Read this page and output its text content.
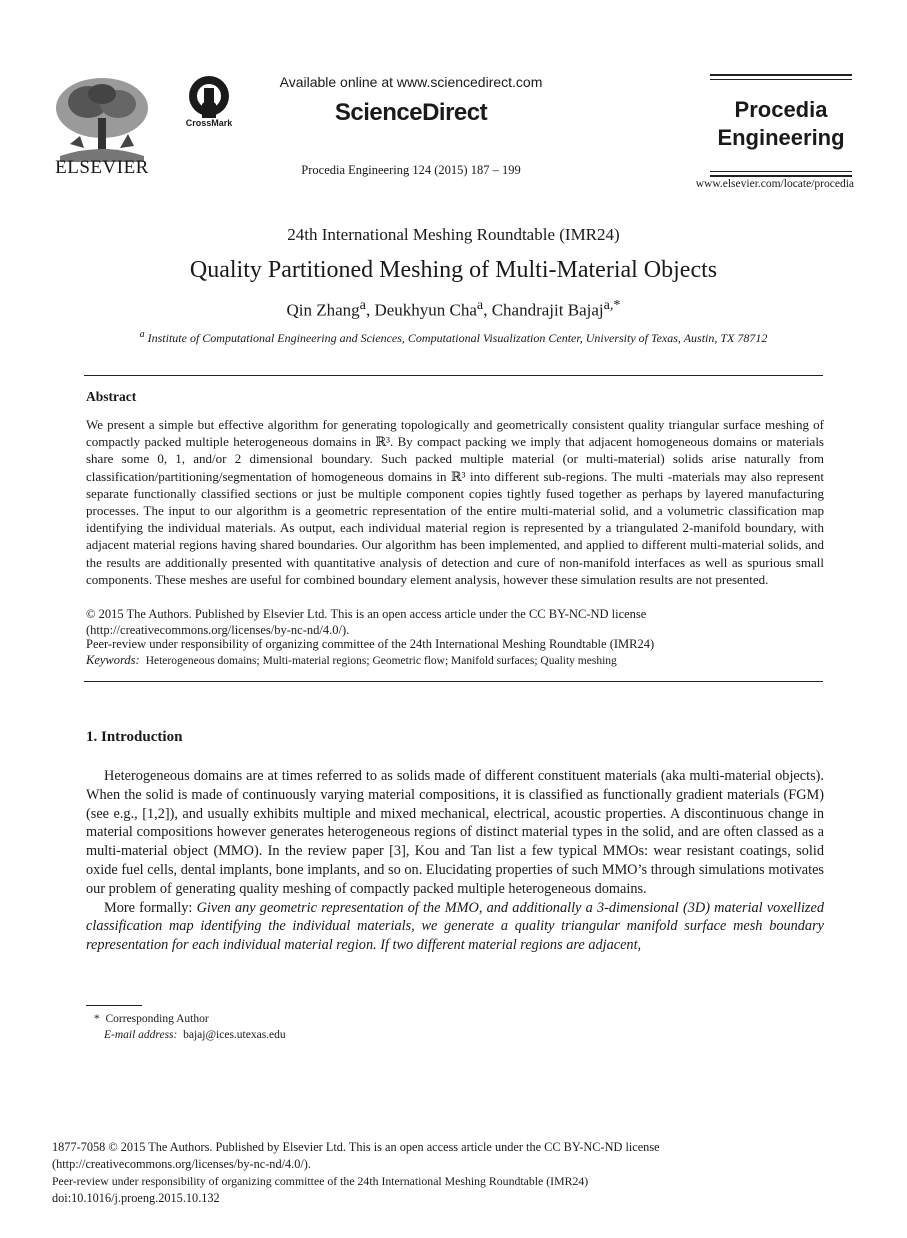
ELSEVIER
CrossMark
Available online at www.sciencedirect.com
ScienceDirect
Procedia Engineering 124 (2015) 187 – 199
Procedia
Engineering
www.elsevier.com/locate/procedia
24th International Meshing Roundtable (IMR24)
Quality Partitioned Meshing of Multi-Material Objects
Qin Zhang$^a$, Deukhyun Cha$^a$, Chandrajit Bajaj$^{a,*}$
$^a$ Institute of Computational Engineering and Sciences, Computational Visualization Center, University of Texas, Austin, TX 78712
Abstract
We present a simple but effective algorithm for generating topologically and geometrically consistent quality triangular surface meshing of compactly packed multiple heterogeneous domains in ℝ³. By compact packing we imply that adjacent homogeneous domains or materials share some 0, 1, and/or 2 dimensional boundary. Such packed multiple material (or multi-material) solids arise naturally from classification/partitioning/segmentation of homogeneous domains in ℝ³ into different sub-regions. The multi -materials may also represent separate functionally classified sections or just be multiple component copies tightly fused together as perhaps by layered manufacturing processes. The input to our algorithm is a geometric representation of the entire multi-material solid, and a volumetric classification map identifying the individual materials. As output, each individual material region is represented by a triangulated 2-manifold boundary, with adjacent material regions having shared boundaries. Our algorithm has been implemented, and applied to different multi-material solids, and the results are additionally presented with quantitative analysis of detection and cure of non-manifold interfaces as well as spurious small components. These meshes are useful for combined boundary element analysis, however these simulation results are not presented.
© 2015 The Authors. Published by Elsevier Ltd. This is an open access article under the CC BY-NC-ND license
(http://creativecommons.org/licenses/by-nc-nd/4.0/).
Peer-review under responsibility of organizing committee of the 24th International Meshing Roundtable (IMR24)
Keywords: Heterogeneous domains; Multi-material regions; Geometric flow; Manifold surfaces; Quality meshing
1. Introduction

Heterogeneous domains are at times referred to as solids made of different constituent materials (aka multi-material objects). When the solid is made of continuously varying material compositions, it is classified as functionally gradient materials (FGM) (see e.g., [1,2]), and usually exhibits multiple and mixed mechanical, electrical, acoustic properties. A discontinuous change in material compositions however generates heterogeneous regions of distinct material types in the solid, and are often classed as a multi-material object (MMO). In the review paper [3], Kou and Tan list a few typical MMOs: wear resistant coatings, solid oxide fuel cells, dental implants, bone implants, and so on. Elucidating properties of such MMO’s through simulations motivates our problem of generating quality meshing of compactly packed multiple heterogeneous domains.

More formally: Given any geometric representation of the MMO, and additionally a 3-dimensional (3D) material voxellized classification map identifying the individual materials, we generate a quality triangular manifold surface mesh boundary representation for each individual material region. If two different material regions are adjacent,

* Corresponding Author
E-mail address: bajaj@ices.utexas.edu
1877-7058 © 2015 The Authors. Published by Elsevier Ltd. This is an open access article under the CC BY-NC-ND license
(http://creativecommons.org/licenses/by-nc-nd/4.0/).
Peer-review under responsibility of organizing committee of the 24th International Meshing Roundtable (IMR24)
doi:10.1016/j.proeng.2015.10.132
